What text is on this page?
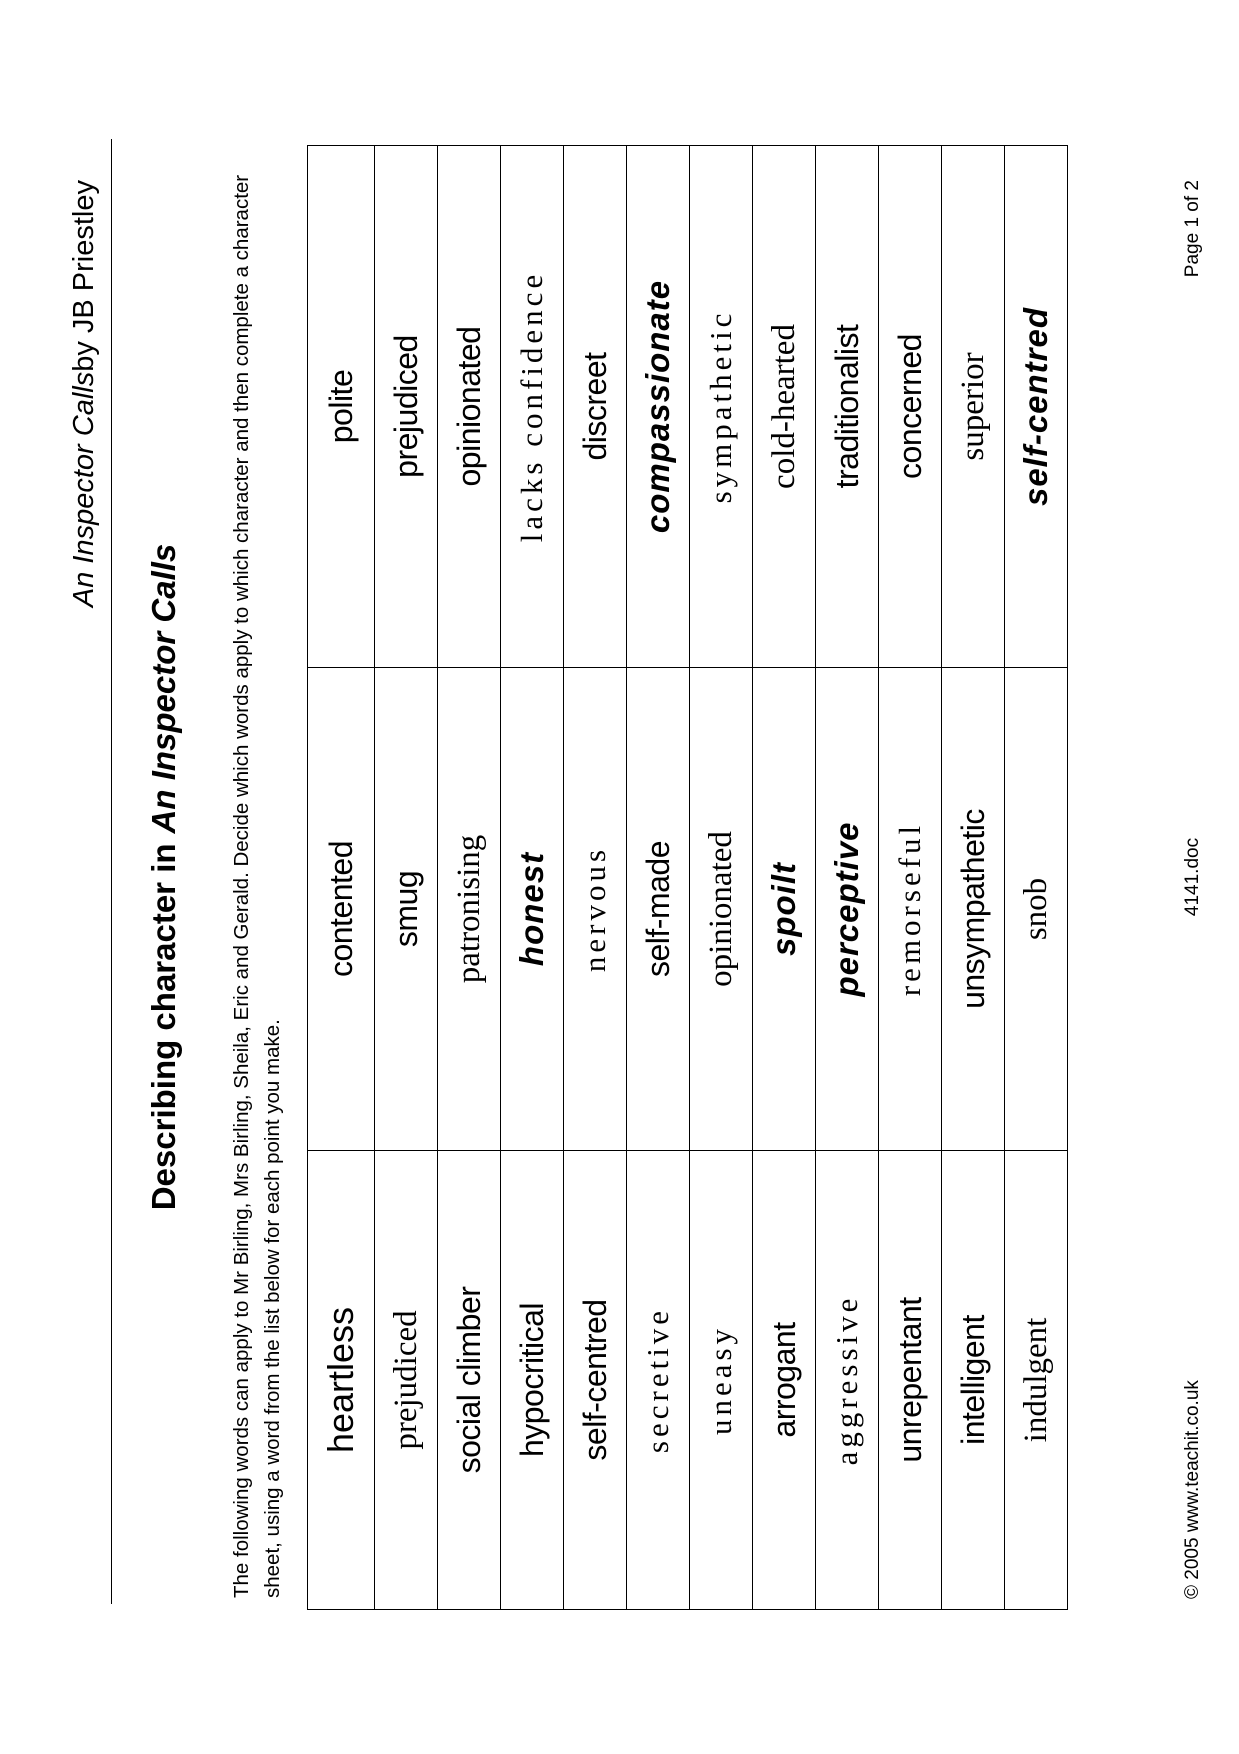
An Inspector Callsby JB Priestley
Describing character inAn Inspector Calls The following words can apply to Mr Birling, Mrs Birling, Sheila, Eric and Gerald. Decide which words apply to which character and then complete a character sheet, using a word from the list below for each point you make. heartless	contented	polite
prejudiced	smug	prejudiced
social climber	patronising	opinionated
hypocritical	honest	lacks confidence
self-centred	nervous	discreet
secretive	self-made	compassionate
uneasy	opinionated	sympathetic
arrogant	spoilt	cold-hearted
aggressive	perceptive	traditionalist
unrepentant	remorseful	concerned
intelligent	unsympathetic	superior
indulgent	snob	self-centred
© 2005 www.teachit.co.uk
4141.doc
Page 1 of 2
